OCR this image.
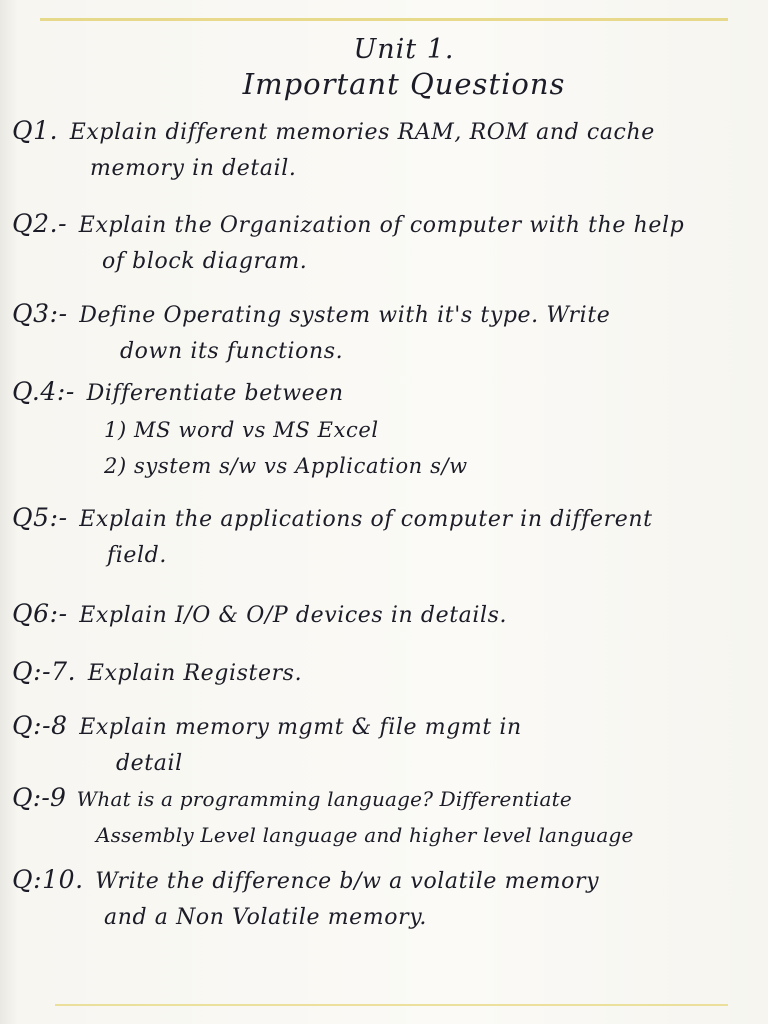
Unit 1.
Important Questions
Q1. Explain different memories RAM, ROM and cache
memory in detail.
Q2.- Explain the Organization of computer with the help
of block diagram.
Q3:- Define Operating system with it's type. Write
down its functions.
Q.4:- Differentiate between
1) MS word vs MS Excel
2) system s/w vs Application s/w
Q5:- Explain the applications of computer in different
field.
Q6:- Explain I/O & O/P devices in details.
Q:-7. Explain Registers.
Q:-8 Explain memory mgmt & file mgmt in
detail
Q:-9 What is a programming language? Differentiate
Assembly Level language and higher level language
Q:10. Write the difference b/w a volatile memory
and a Non Volatile memory.
